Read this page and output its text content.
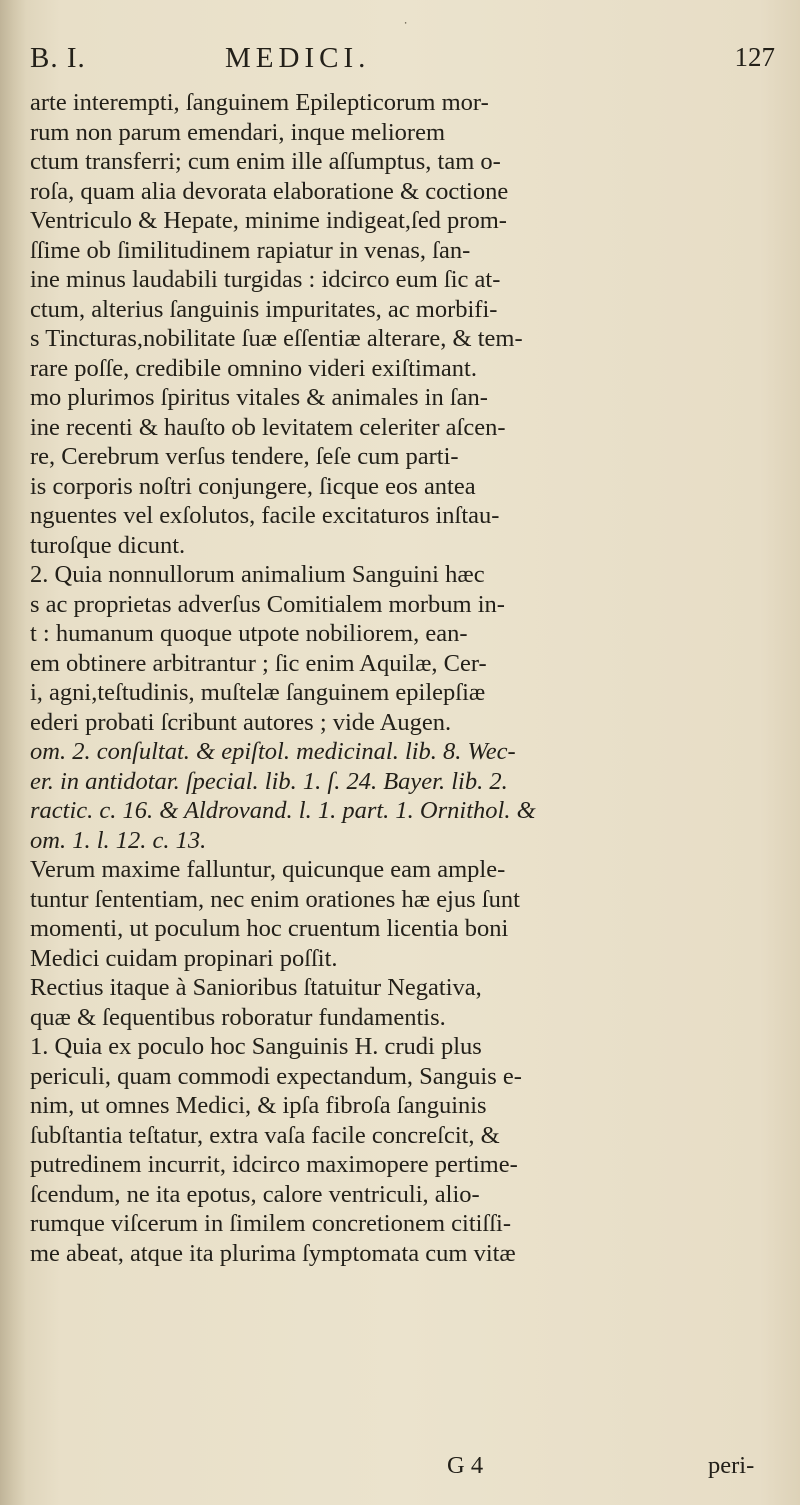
⸱
B. I.	MEDICI.	127
arte interempti, ſanguinem Epilepticorum mor-
rum non parum emendari, inque meliorem
ctum transferri; cum enim ille aſſumptus, tam o-
roſa, quam alia devorata elaboratione & coctione
Ventriculo & Hepate, minime indigeat,ſed prom-
ſſime ob ſimilitudinem rapiatur in venas, ſan-
ine minus laudabili turgidas : idcirco eum ſic at-
ctum, alterius ſanguinis impuritates, ac morbifi-
s Tincturas,nobilitate ſuæ eſſentiæ alterare, & tem-
rare poſſe, credibile omnino videri exiſtimant.
mo plurimos ſpiritus vitales & animales in ſan-
ine recenti & hauſto ob levitatem celeriter aſcen-
re, Cerebrum verſus tendere, ſeſe cum parti-
is corporis noſtri conjungere, ſicque eos antea
nguentes vel exſolutos, facile excitaturos inſtau-
turoſque dicunt.
2. Quia nonnullorum animalium Sanguini hæc
s ac proprietas adverſus Comitialem morbum in-
t : humanum quoque utpote nobiliorem, ean-
em obtinere arbitrantur ; ſic enim Aquilæ, Cer-
i, agni,teſtudinis, muſtelæ ſanguinem epilepſiæ
ederi probati ſcribunt autores ; vide Augen.
om. 2. conſultat. & epiſtol. medicinal. lib. 8. Wec-
er. in antidotar. ſpecial. lib. 1. ſ. 24. Bayer. lib. 2.
ractic. c. 16. & Aldrovand. l. 1. part. 1. Ornithol. &
om. 1. l. 12. c. 13.
Verum maxime falluntur, quicunque eam ample-
tuntur ſententiam, nec enim orationes hæ ejus ſunt
momenti, ut poculum hoc cruentum licentia boni
Medici cuidam propinari poſſit.
Rectius itaque à Sanioribus ſtatuitur Negativa,
quæ & ſequentibus roboratur fundamentis.
1. Quia ex poculo hoc Sanguinis H. crudi plus
periculi, quam commodi expectandum, Sanguis e-
nim, ut omnes Medici, & ipſa fibroſa ſanguinis
ſubſtantia teſtatur, extra vaſa facile concreſcit, &
putredinem incurrit, idcirco maximopere pertime-
ſcendum, ne ita epotus, calore ventriculi, alio-
rumque viſcerum in ſimilem concretionem citiſſi-
me abeat, atque ita plurima ſymptomata cum vitæ
G 4	peri-
